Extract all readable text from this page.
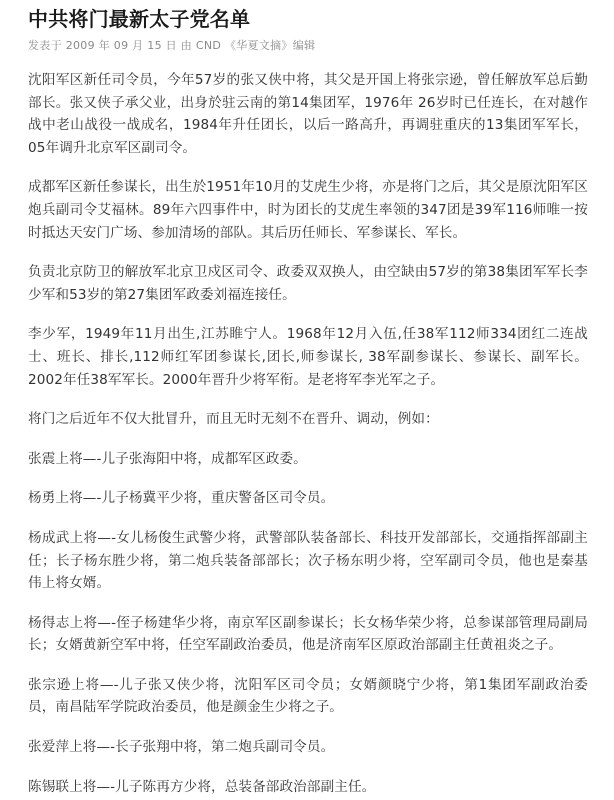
中共将门最新太子党名单
发表于 2009 年 09 月 15 日 由 CND 《华夏文摘》编辑

沈阳军区新任司令员，今年57岁的张又侠中将，其父是开国上将张宗逊，曾任解放军总后勤部长。张又侠子承父业，出身於驻云南的第14集团军，1976年 26岁时已任连长，在对越作战中老山战役一战成名，1984年升任团长，以后一路高升，再调驻重庆的13集团军军长，05年调升北京军区副司令。

成都军区新任参谋长，出生於1951年10月的艾虎生少将，亦是将门之后，其父是原沈阳军区炮兵副司令艾福林。89年六四事件中，时为团长的艾虎生率领的347团是39军116师唯一按时抵达天安门广场、参加清场的部队。其后历任师长、军参谋长、军长。

负责北京防卫的解放军北京卫戍区司令、政委双双换人，由空缺由57岁的第38集团军军长李少军和53岁的第27集团军政委刘福连接任。

李少军，1949年11月出生,江苏睢宁人。1968年12月入伍,任38军112师334团红二连战士、班长、排长,112师红军团参谋长,团长,师参谋长, 38军副参谋长、参谋长、副军长。2002年任38军军长。2000年晋升少将军衔。是老将军李光军之子。

将门之后近年不仅大批冒升，而且无时无刻不在晋升、调动，例如：

张震上将—-儿子张海阳中将，成都军区政委。

杨勇上将—-儿子杨冀平少将，重庆警备区司令员。

杨成武上将—-女儿杨俊生武警少将，武警部队装备部长、科技开发部部长，交通指挥部副主任；长子杨东胜少将，第二炮兵装备部部长；次子杨东明少将，空军副司令员，他也是秦基伟上将女婿。

杨得志上将—-侄子杨建华少将，南京军区副参谋长；长女杨华荣少将，总参谋部管理局副局长；女婿黄新空军中将，任空军副政治委员，他是济南军区原政治部副主任黄祖炎之子。

张宗逊上将—-儿子张又侠少将，沈阳军区司令员；女婿颜晓宁少将，第1集团军副政治委员，南昌陆军学院政治委员，他是颜金生少将之子。

张爱萍上将—-长子张翔中将，第二炮兵副司令员。

陈锡联上将—-儿子陈再方少将，总装备部政治部副主任。
